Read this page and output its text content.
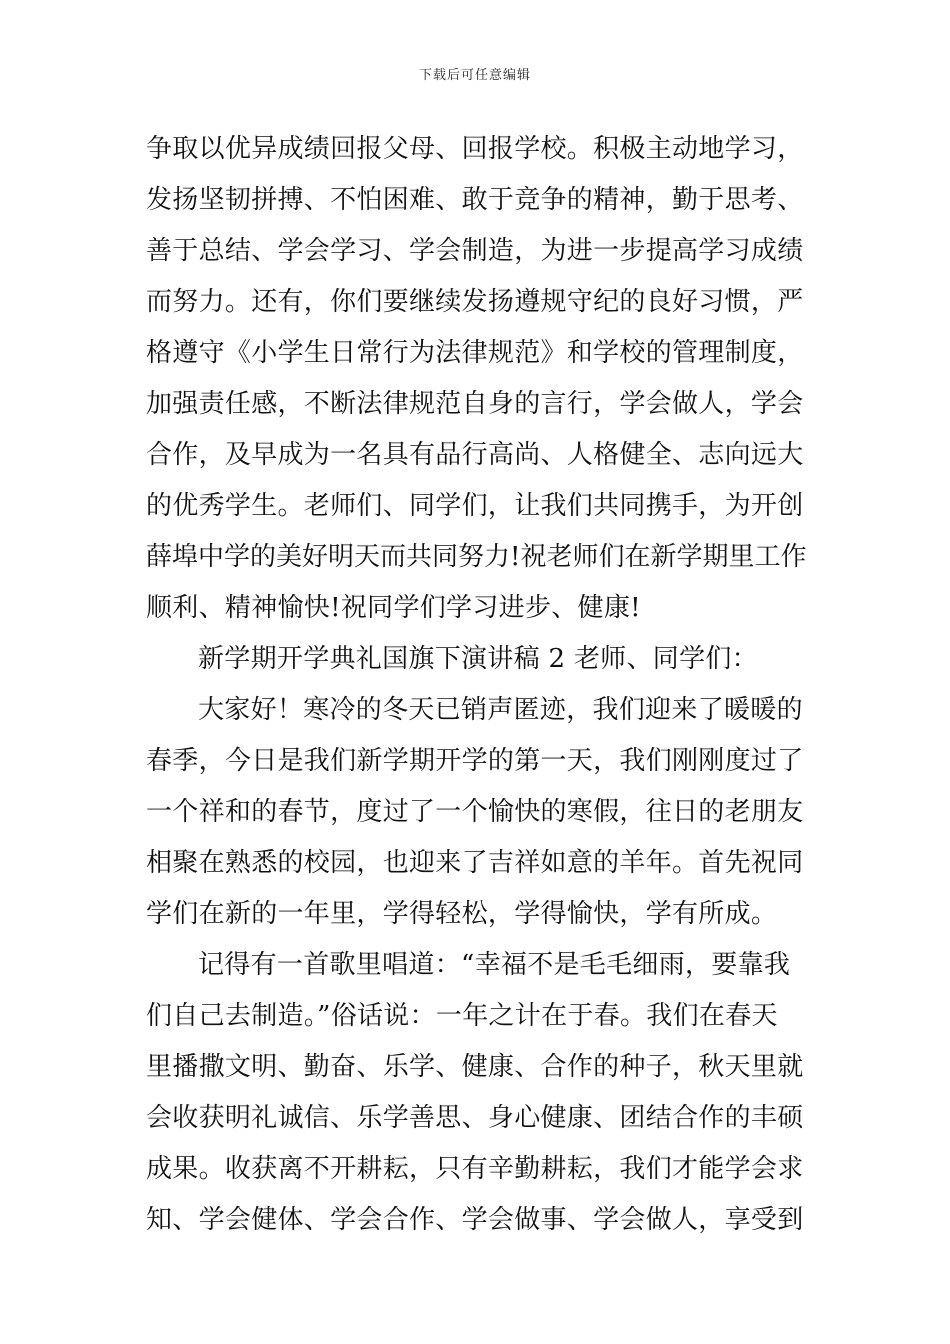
下载后可任意编辑
争取以优异成绩回报父母、回报学校。积极主动地学习，
发扬坚韧拼搏、不怕困难、敢于竞争的精神，勤于思考、
善于总结、学会学习、学会制造，为进一步提高学习成绩
而努力。还有，你们要继续发扬遵规守纪的良好习惯，严
格遵守《小学生日常行为法律规范》和学校的管理制度，
加强责任感，不断法律规范自身的言行，学会做人，学会
合作，及早成为一名具有品行高尚、人格健全、志向远大
的优秀学生。老师们、同学们，让我们共同携手，为开创
薛埠中学的美好明天而共同努力!祝老师们在新学期里工作
顺利、精神愉快!祝同学们学习进步、健康!
新学期开学典礼国旗下演讲稿 2 老师、同学们：
大家好！寒冷的冬天已销声匿迹，我们迎来了暖暖的
春季，今日是我们新学期开学的第一天，我们刚刚度过了
一个祥和的春节，度过了一个愉快的寒假，往日的老朋友
相聚在熟悉的校园，也迎来了吉祥如意的羊年。首先祝同
学们在新的一年里，学得轻松，学得愉快，学有所成。
记得有一首歌里唱道：“幸福不是毛毛细雨，要靠我
们自己去制造。”俗话说：一年之计在于春。我们在春天
里播撒文明、勤奋、乐学、健康、合作的种子，秋天里就
会收获明礼诚信、乐学善思、身心健康、团结合作的丰硕
成果。收获离不开耕耘，只有辛勤耕耘，我们才能学会求
知、学会健体、学会合作、学会做事、学会做人，享受到
